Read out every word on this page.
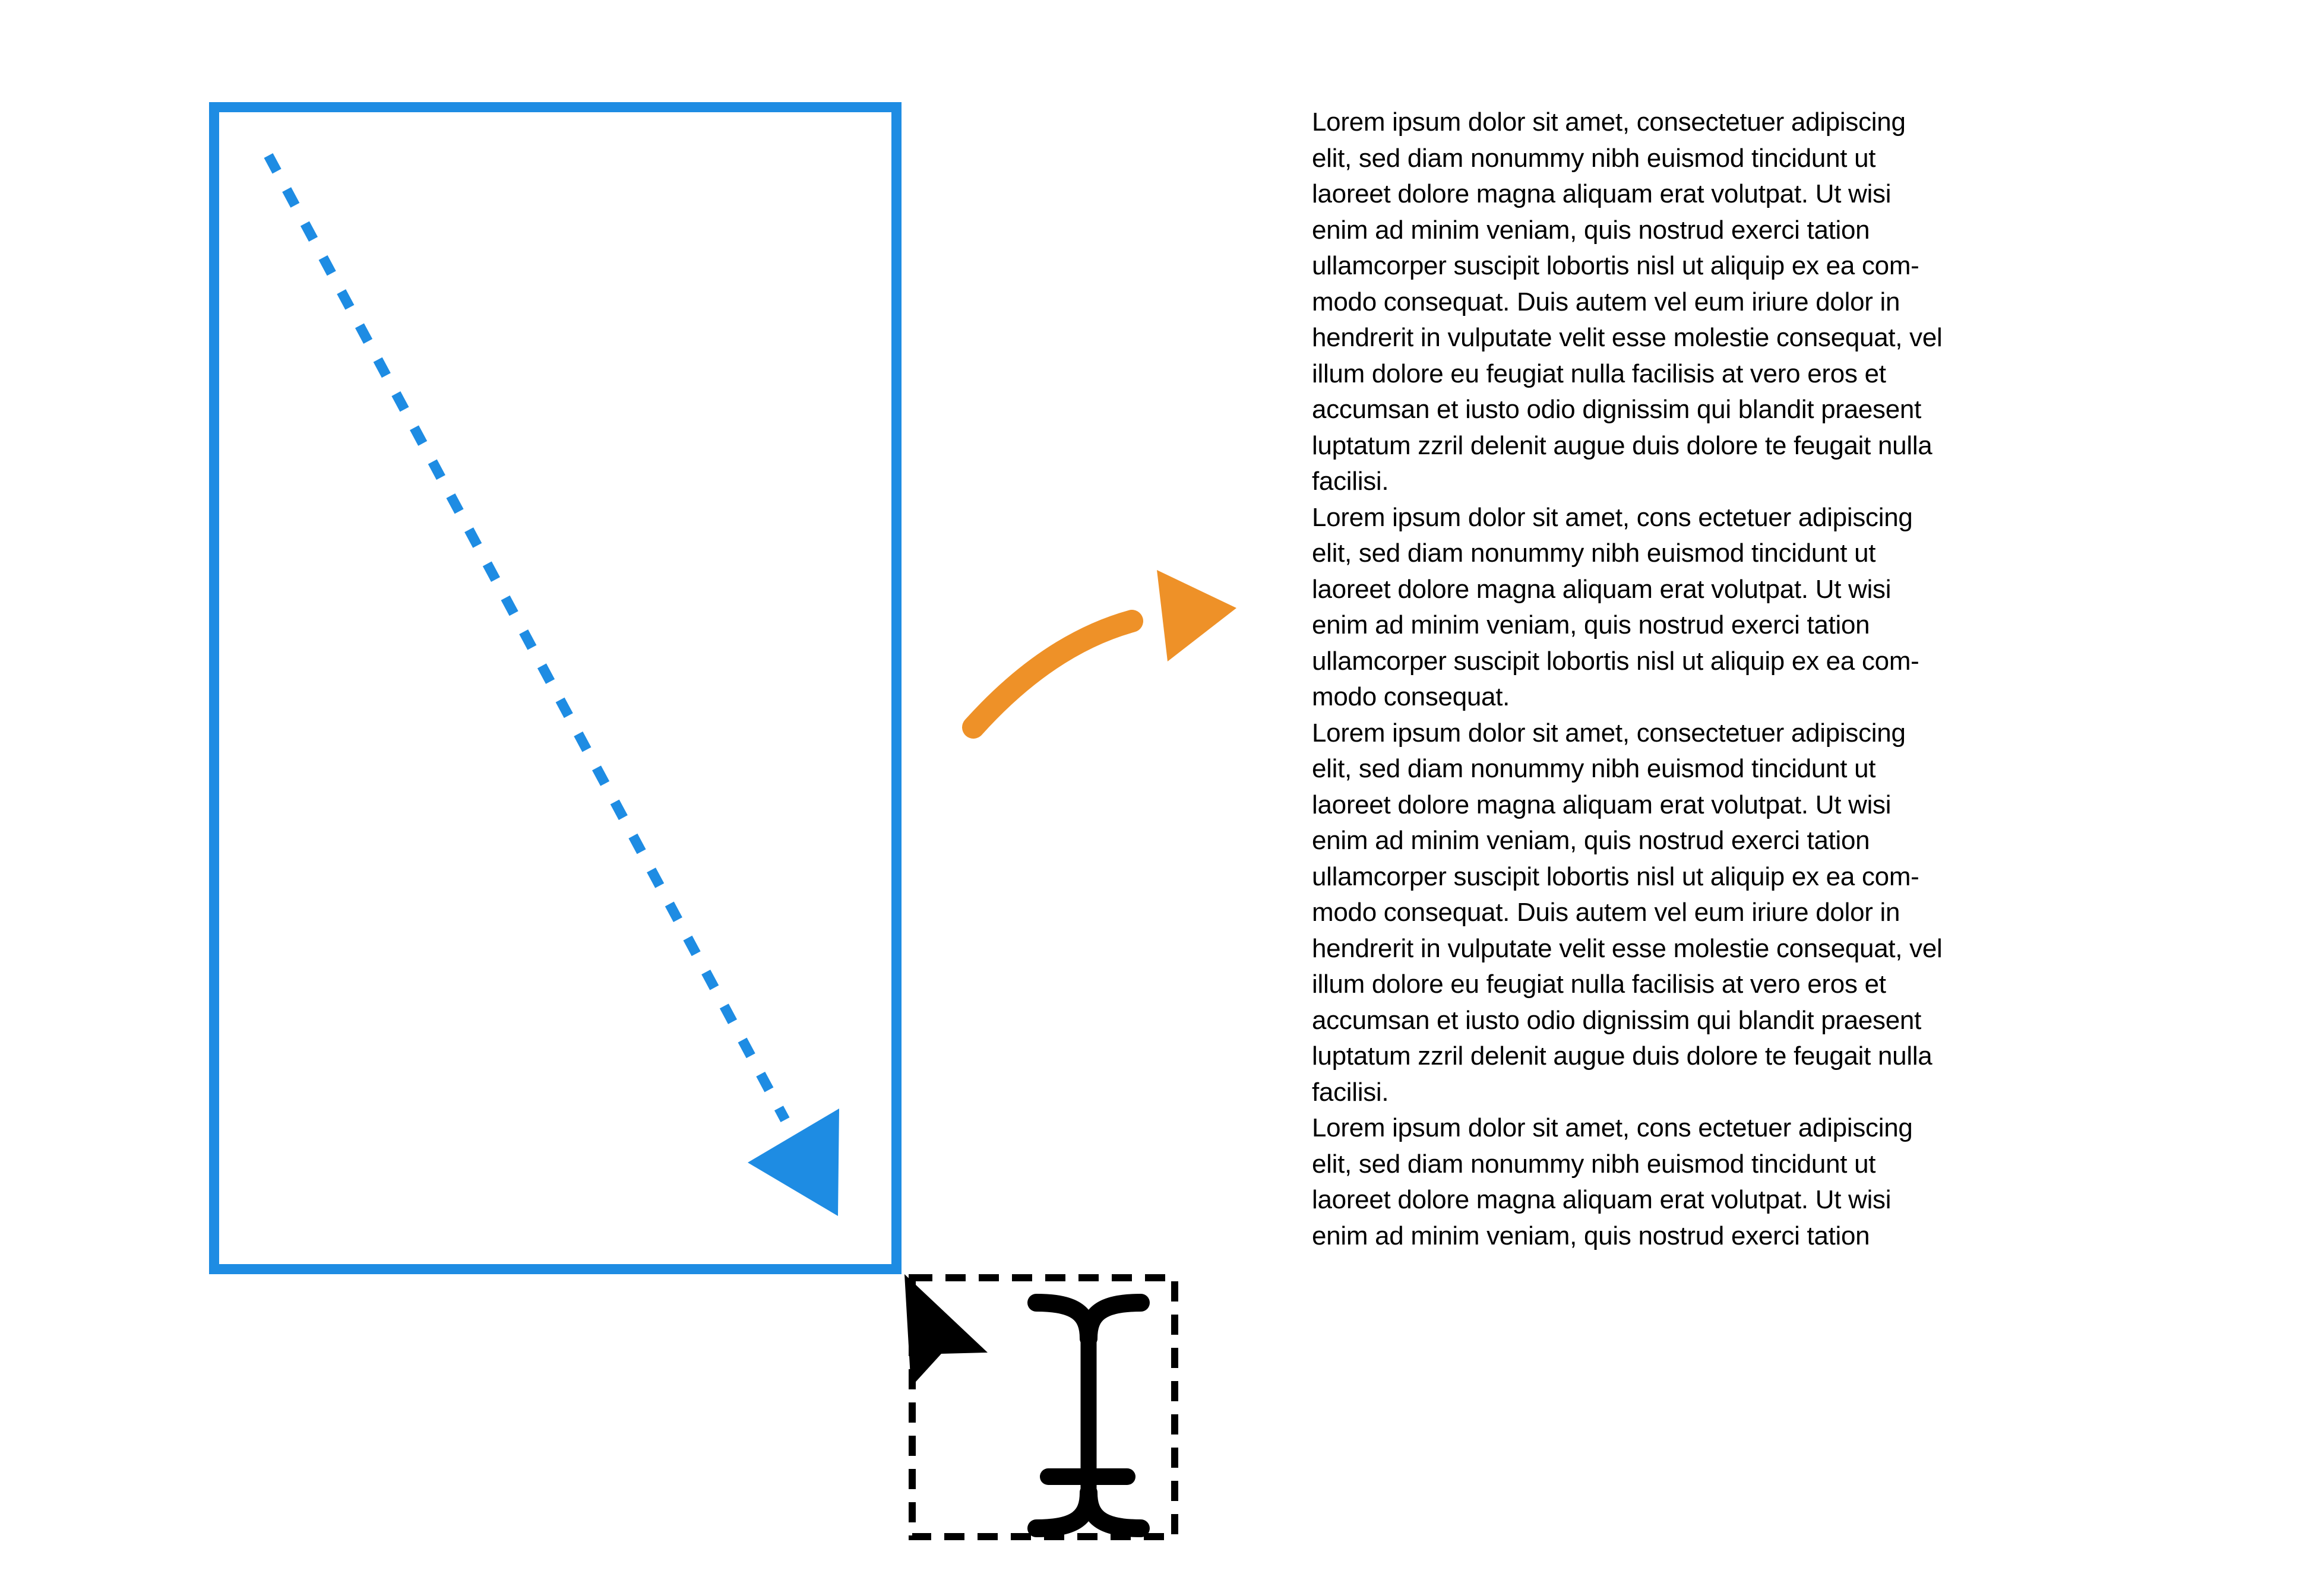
Lorem ipsum dolor sit amet, consectetuer adipiscing
elit, sed diam nonummy nibh euismod tincidunt ut
laoreet dolore magna aliquam erat volutpat. Ut wisi
enim ad minim veniam, quis nostrud exerci tation
ullamcorper suscipit lobortis nisl ut aliquip ex ea com-
modo consequat. Duis autem vel eum iriure dolor in
hendrerit in vulputate velit esse molestie consequat, vel
illum dolore eu feugiat nulla facilisis at vero eros et
accumsan et iusto odio dignissim qui blandit praesent
luptatum zzril delenit augue duis dolore te feugait nulla
facilisi.
Lorem ipsum dolor sit amet, cons ectetuer adipiscing
elit, sed diam nonummy nibh euismod tincidunt ut
laoreet dolore magna aliquam erat volutpat. Ut wisi
enim ad minim veniam, quis nostrud exerci tation
ullamcorper suscipit lobortis nisl ut aliquip ex ea com-
modo consequat.
Lorem ipsum dolor sit amet, consectetuer adipiscing
elit, sed diam nonummy nibh euismod tincidunt ut
laoreet dolore magna aliquam erat volutpat. Ut wisi
enim ad minim veniam, quis nostrud exerci tation
ullamcorper suscipit lobortis nisl ut aliquip ex ea com-
modo consequat. Duis autem vel eum iriure dolor in
hendrerit in vulputate velit esse molestie consequat, vel
illum dolore eu feugiat nulla facilisis at vero eros et
accumsan et iusto odio dignissim qui blandit praesent
luptatum zzril delenit augue duis dolore te feugait nulla
facilisi.
Lorem ipsum dolor sit amet, cons ectetuer adipiscing
elit, sed diam nonummy nibh euismod tincidunt ut
laoreet dolore magna aliquam erat volutpat. Ut wisi
enim ad minim veniam, quis nostrud exerci tation
